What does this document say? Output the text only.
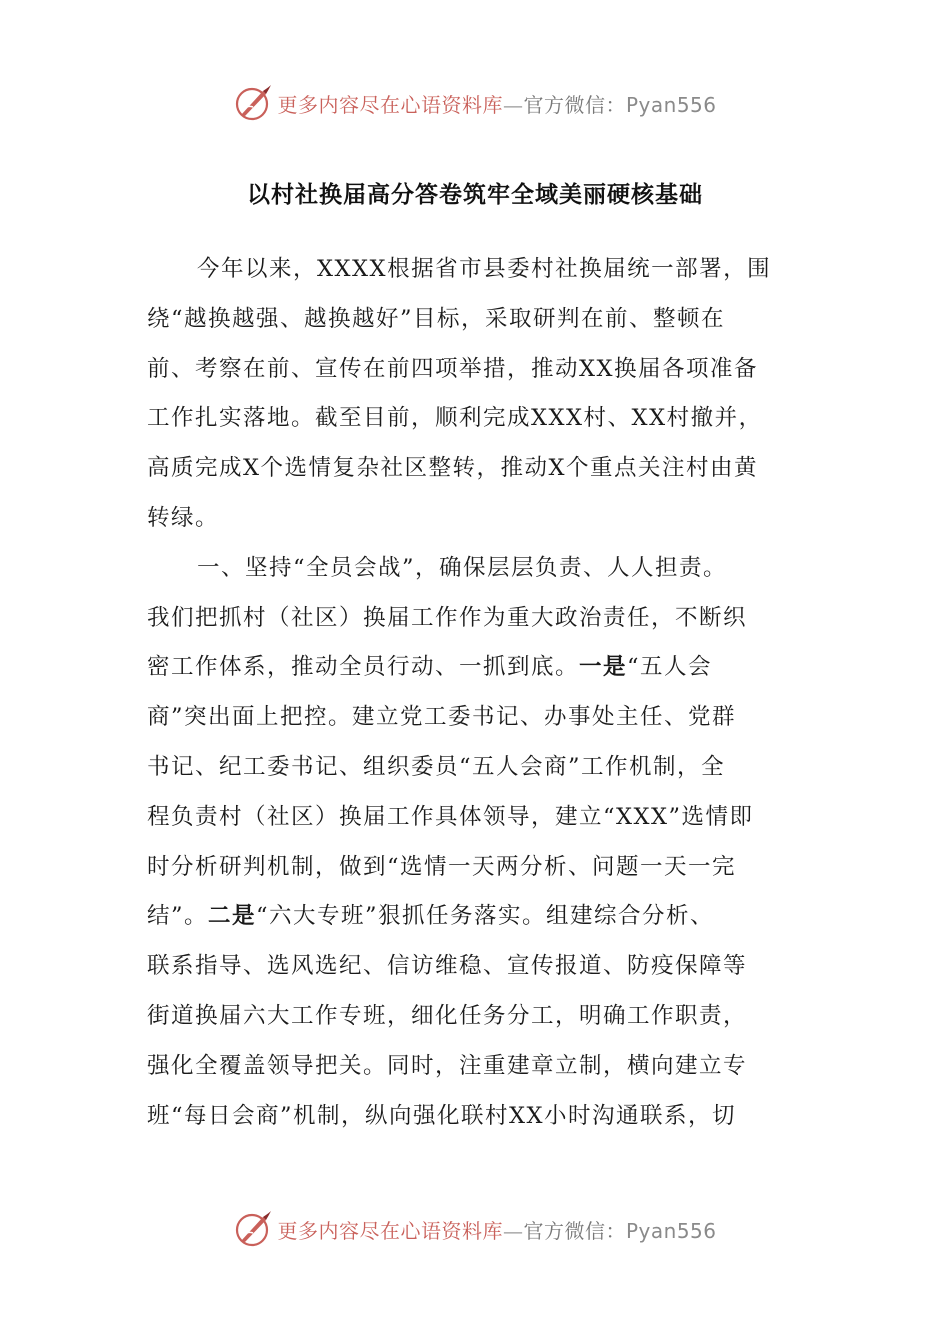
更多内容尽在心语资料库—官方微信：Pyan556
以村社换届高分答卷筑牢全域美丽硬核基础
今年以来，XXXX根据省市县委村社换届统一部署，围
绕“越换越强、越换越好”目标，采取研判在前、整顿在
前、考察在前、宣传在前四项举措，推动XX换届各项准备
工作扎实落地。截至目前，顺利完成XXX村、XX村撤并，
高质完成X个选情复杂社区整转，推动X个重点关注村由黄
转绿。
一、坚持“全员会战”，确保层层负责、人人担责。
我们把抓村（社区）换届工作作为重大政治责任，不断织
密工作体系，推动全员行动、一抓到底。一是“五人会
商”突出面上把控。建立党工委书记、办事处主任、党群
书记、纪工委书记、组织委员“五人会商”工作机制，全
程负责村（社区）换届工作具体领导，建立“XXX”选情即
时分析研判机制，做到“选情一天两分析、问题一天一完
结”。二是“六大专班”狠抓任务落实。组建综合分析、
联系指导、选风选纪、信访维稳、宣传报道、防疫保障等
街道换届六大工作专班，细化任务分工，明确工作职责，
强化全覆盖领导把关。同时，注重建章立制，横向建立专
班“每日会商”机制，纵向强化联村XX小时沟通联系，切
更多内容尽在心语资料库—官方微信：Pyan556
